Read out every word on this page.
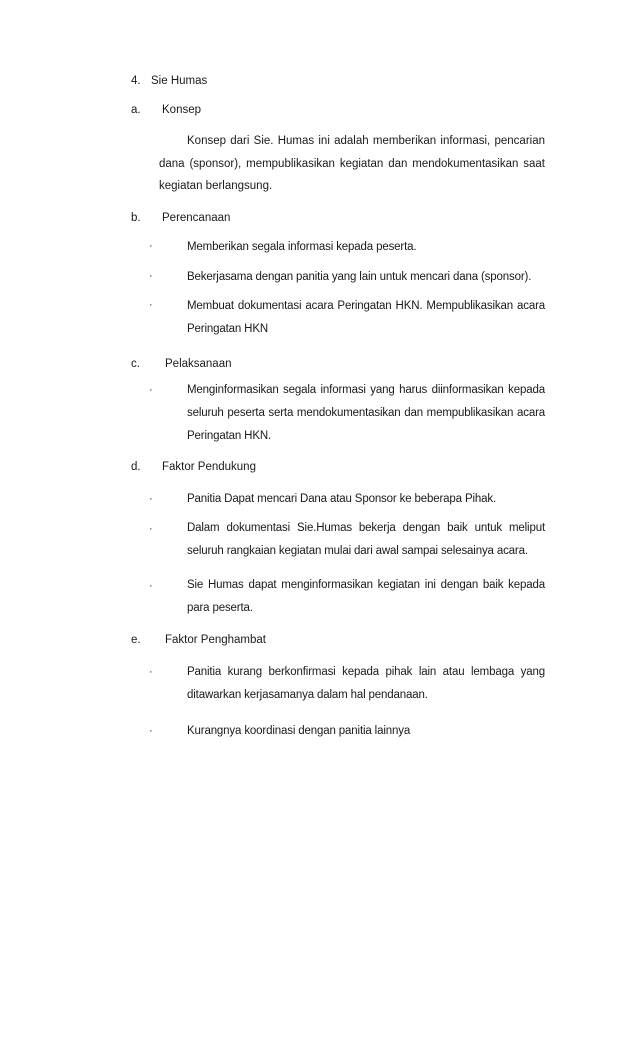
4. Sie Humas
a. Konsep
Konsep dari Sie. Humas ini adalah memberikan informasi, pencarian dana (sponsor), mempublikasikan kegiatan dan mendokumentasikan saat kegiatan berlangsung.
b. Perencanaan
·	Memberikan segala informasi kepada peserta.
·	Bekerjasama dengan panitia yang lain untuk mencari dana (sponsor).
·	Membuat dokumentasi acara Peringatan HKN. Mempublikasikan acara Peringatan HKN
c. Pelaksanaan
·	Menginformasikan segala informasi yang harus diinformasikan kepada seluruh peserta serta mendokumentasikan dan mempublikasikan acara Peringatan HKN.
d. Faktor Pendukung
·	Panitia Dapat mencari Dana atau Sponsor ke beberapa Pihak.
·	Dalam dokumentasi Sie.Humas bekerja dengan baik untuk meliput seluruh rangkaian kegiatan mulai dari awal sampai selesainya acara.
·	Sie Humas dapat menginformasikan kegiatan ini dengan baik kepada para peserta.
e. Faktor Penghambat
·	Panitia kurang berkonfirmasi kepada pihak lain atau lembaga yang ditawarkan kerjasamanya dalam hal pendanaan.
·	Kurangnya koordinasi dengan panitia lainnya
